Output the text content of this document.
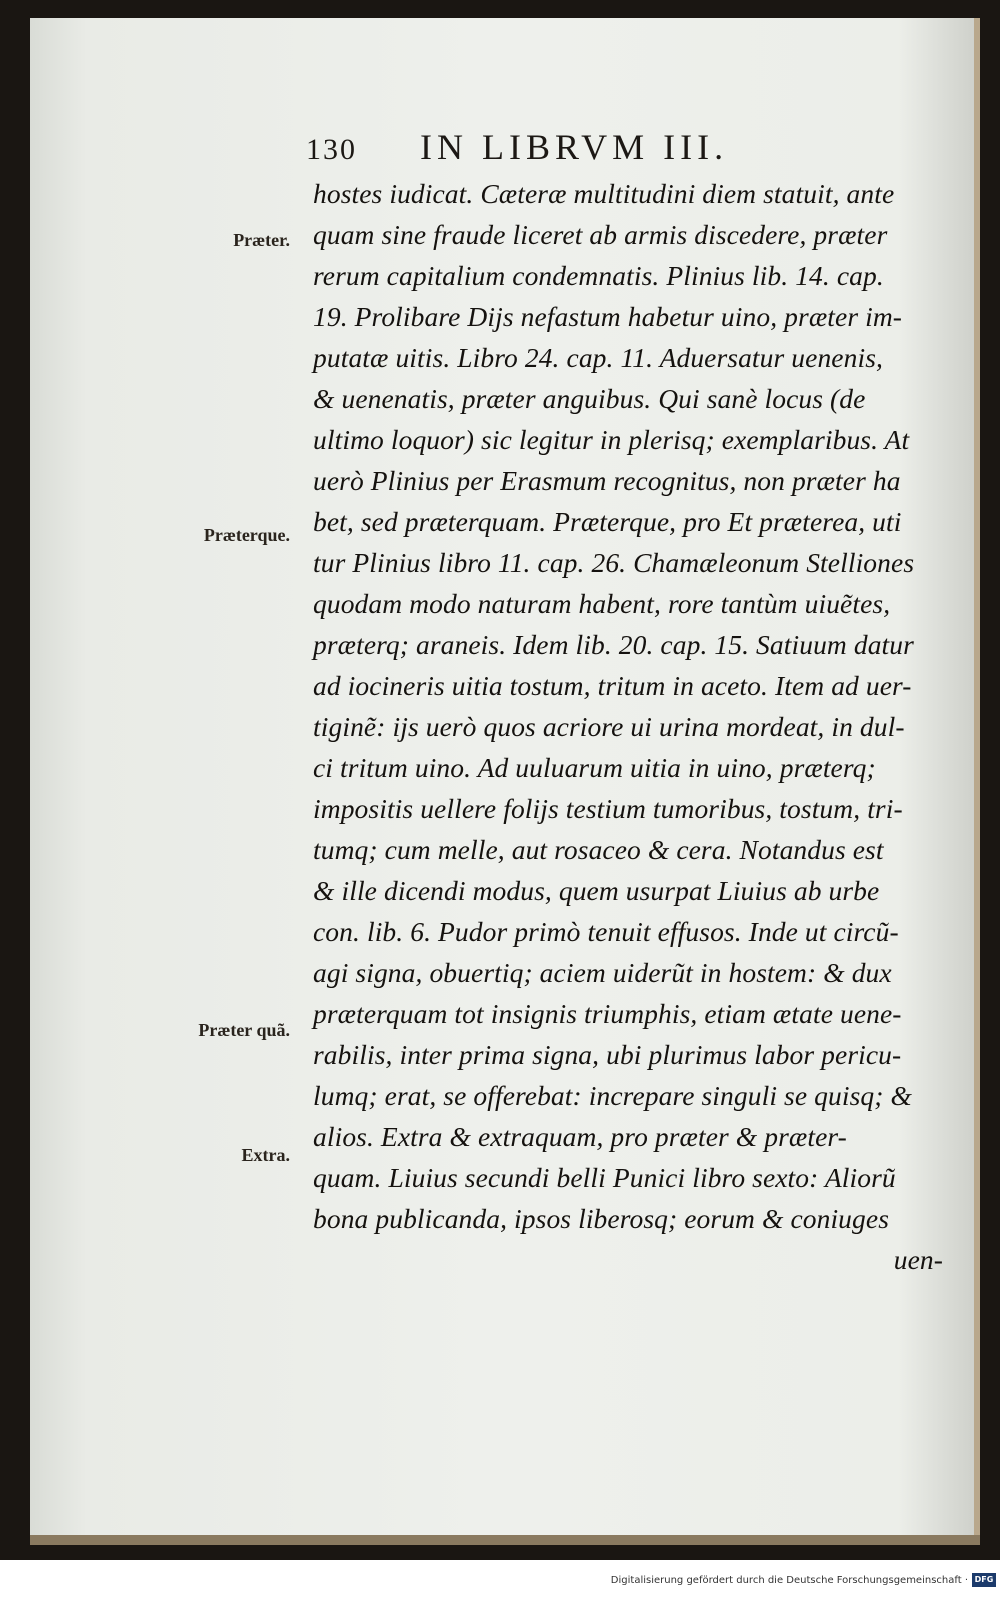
130 IN LIBRVM III.
Præter.
Præterque.
Præter quã.
Extra.
hostes iudicat. Cæteræ multitudini diem statuit, ante
quam sine fraude liceret ab armis discedere, præter
rerum capitalium condemnatis. Plinius lib. 14. cap.
19. Prolibare Dijs nefastum habetur uino, præter im-
putatæ uitis. Libro 24. cap. 11. Aduersatur uenenis,
& uenenatis, præter anguibus. Qui sanè locus (de
ultimo loquor) sic legitur in plerisq; exemplaribus. At
uerò Plinius per Erasmum recognitus, non præter ha
bet, sed præterquam. Præterque, pro Et præterea, uti
tur Plinius libro 11. cap. 26. Chamæleonum Stelliones
quodam modo naturam habent, rore tantùm uiuẽtes,
præterq; araneis. Idem lib. 20. cap. 15. Satiuum datur
ad iocineris uitia tostum, tritum in aceto. Item ad uer-
tiginẽ: ijs uerò quos acriore ui urina mordeat, in dul-
ci tritum uino. Ad uuluarum uitia in uino, præterq;
impositis uellere folijs testium tumoribus, tostum, tri-
tumq; cum melle, aut rosaceo & cera. Notandus est
& ille dicendi modus, quem usurpat Liuius ab urbe
con. lib. 6. Pudor primò tenuit effusos. Inde ut circũ-
agi signa, obuertiq; aciem uiderũt in hostem: & dux
præterquam tot insignis triumphis, etiam ætate uene-
rabilis, inter prima signa, ubi plurimus labor pericu-
lumq; erat, se offerebat: increpare singuli se quisq; &
alios. Extra & extraquam, pro præter & præter-
quam. Liuius secundi belli Punici libro sexto: Aliorũ
bona publicanda, ipsos liberosq; eorum & coniuges
uen-
Digitalisierung gefördert durch die Deutsche Forschungsgemeinschaft · DFG
